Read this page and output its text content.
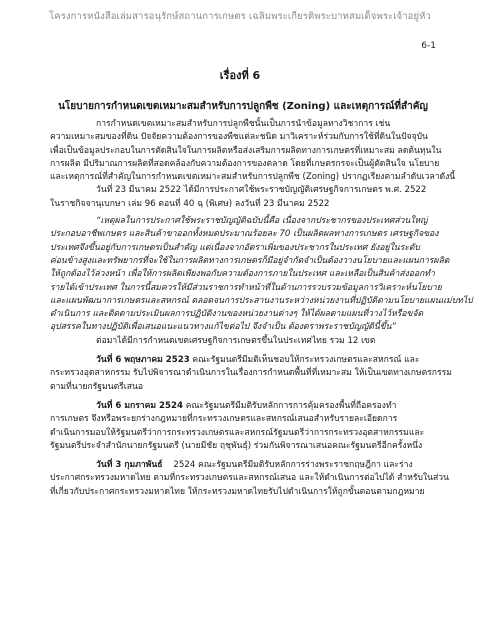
โครงการหนังสือเล่มสารอนุรักษ์สถานการเกษตร เฉลิมพระเกียรติพระบาทสมเด็จพระเจ้าอยู่หัว
6-1
เรื่องที่ 6
นโยบายการกำหนดเขตเหมาะสมสำหรับการปลูกพืช (Zoning) และเหตุการณ์ที่สำคัญ
การกำหนดเขตเหมาะสมสำหรับการปลูกพืชนั้นเป็นการนำข้อมูลทางวิชาการ เช่น
ความเหมาะสมของที่ดิน ปัจจัยความต้องการของพืชแต่ละชนิด มาวิเคราะห์ร่วมกับการใช้ที่ดินในปัจจุบัน
เพื่อเป็นข้อมูลประกอบในการตัดสินใจในการผลิตหรือส่งเสริมการผลิตทางการเกษตรที่เหมาะสม ลดต้นทุนใน
การผลิต มีปริมาณการผลิตที่สอดคล้องกับความต้องการของตลาด โดยที่เกษตรกรจะเป็นผู้ตัดสินใจ นโยบาย
และเหตุการณ์ที่สำคัญในการกำหนดเขตเหมาะสมสำหรับการปลูกพืช (Zoning) ปรากฏเรียงตามลำดับเวลาดังนี้
วันที่ 23 มีนาคม 2522 ได้มีการประกาศใช้พระราชบัญญัติเศรษฐกิจการเกษตร พ.ศ. 2522
ในราชกิจจานุเบกษา เล่ม 96 ตอนที่ 40 ฉฺ (พิเศษ) ลงวันที่ 23 มีนาคม 2522
“เหตุผลในการประกาศใช้พระราชบัญญัติฉบับนี้คือ เนื่องจากประชากรของประเทศส่วนใหญ่
ประกอบอาชีพเกษตร และสินค้าขาออกทั้งหมดประมาณร้อยละ 70 เป็นผลิตผลทางการเกษตร เศรษฐกิจของ
ประเทศจึงขึ้นอยู่กับการเกษตรเป็นสำคัญ แต่เนื่องจากอัตราเพิ่มของประชากรในประเทศ ยังอยู่ในระดับ
ค่อนข้างสูงและทรัพยากรที่จะใช้ในการผลิตทางการเกษตรก็มีอยู่จำกัดจำเป็นต้องวางนโยบายและแผนการผลิต
ให้ถูกต้องไว้ล่วงหน้า เพื่อให้การผลิตเพียงพอกับความต้องการภายในประเทศ และเหลือเป็นสินค้าส่งออกทำ
รายได้เข้าประเทศ ในการนี้สมควรให้มีส่วนราชการทำหน้าที่ในด้านการรวบรวมข้อมูลการวิเคราะห์นโยบาย
และแผนพัฒนาการเกษตรและสหกรณ์ ตลอดจนการประสานงานระหว่างหน่วยงานที่ปฏิบัติตามนโยบายแผนแม่บทไป
ดำเนินการ และติดตามประเมินผลการปฏิบัติงานของหน่วยงานต่างๆ ให้ได้ผลตามแผนที่วางไว้หรือขจัด
อุปสรรคในทางปฏิบัติเพื่อเสนอแนะแนวทางแก้ไขต่อไป จึงจำเป็น ต้องตราพระราชบัญญัตินี้ขึ้น”
ต่อมาได้มีการกำหนดเขตเศรษฐกิจการเกษตรขึ้นในประเทศไทย รวม 12 เขต
วันที่ 6 พฤษภาคม 2523 คณะรัฐมนตรีมีมติเห็นชอบให้กระทรวงเกษตรและสหกรณ์ และ
กระทรวงอุตสาหกรรม รับไปพิจารณาดำเนินการในเรื่องการกำหนดพื้นที่ที่เหมาะสม ให้เป็นเขตทางเกษตรกรรม
ตามที่นายกรัฐมนตรีเสนอ
วันที่ 6 มกราคม 2524 คณะรัฐมนตรีมีมติรับหลักการการคุ้มครองพื้นที่ถือครองทำ
การเกษตร จึงหรือพระยกร่างกฎหมายที่กระทรวงเกษตรและสหกรณ์เสนอสำหรับรายละเอียดการ
ดำเนินการมอบให้รัฐมนตรีว่าการกระทรวงเกษตรและสหกรณ์รัฐมนตรีว่าการกระทรวงอุตสาหกรรมและ
รัฐมนตรีประจำสำนักนายกรัฐมนตรี (นายมีชัย ฤชุพันธุ์) ร่วมกันพิจารณาเสนอคณะรัฐมนตรีอีกครั้งหนึ่ง
วันที่ 3 กุมภาพันธ์ 2524 คณะรัฐมนตรีมีมติรับหลักการร่างพระราชกฤษฎีกา และร่าง
ประกาศกระทรวงมหาดไทย ตามที่กระทรวงเกษตรและสหกรณ์เสนอ และให้ดำเนินการต่อไปได้ สำหรับในส่วน
ที่เกี่ยวกับประกาศกระทรวงมหาดไทย ให้กระทรวงมหาดไทยรับไปดำเนินการให้ถูกขั้นตอนตามกฎหมาย
